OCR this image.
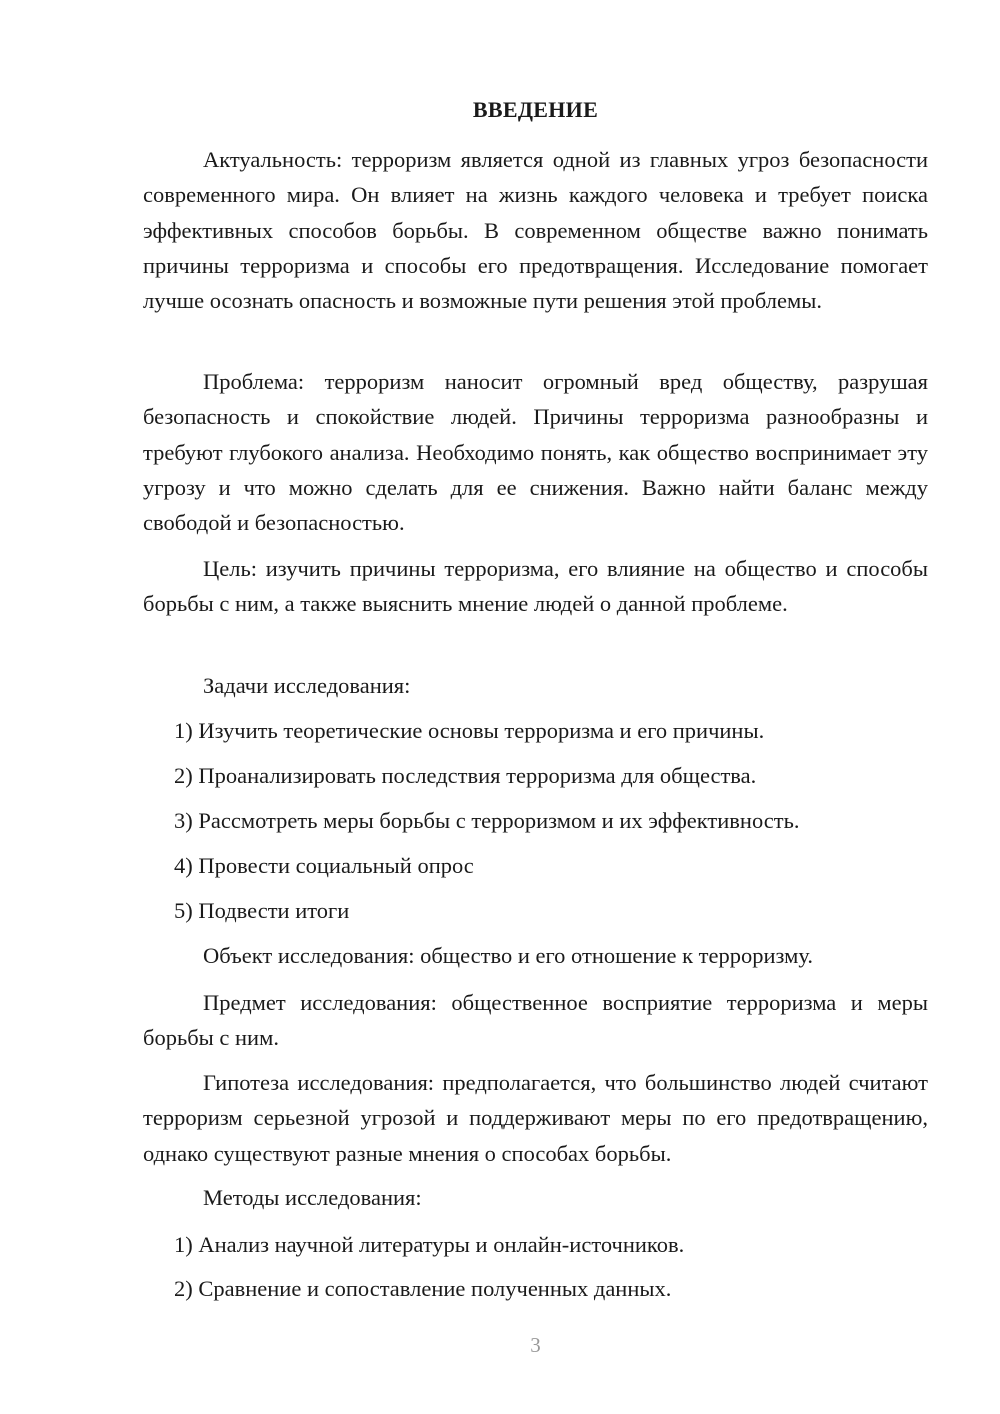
ВВЕДЕНИЕ

Актуальность: терроризм является одной из главных угроз безопасности современного мира. Он влияет на жизнь каждого человека и требует поиска эффективных способов борьбы. В современном обществе важно понимать причины терроризма и способы его предотвращения. Исследование помогает лучше осознать опасность и возможные пути решения этой проблемы.

Проблема: терроризм наносит огромный вред обществу, разрушая безопасность и спокойствие людей. Причины терроризма разнообразны и требуют глубокого анализа. Необходимо понять, как общество воспринимает эту угрозу и что можно сделать для ее снижения. Важно найти баланс между свободой и безопасностью.

Цель: изучить причины терроризма, его влияние на общество и способы борьбы с ним, а также выяснить мнение людей о данной проблеме.

Задачи исследования:

1) Изучить теоретические основы терроризма и его причины.

2) Проанализировать последствия терроризма для общества.

3) Рассмотреть меры борьбы с терроризмом и их эффективность.

4) Провести социальный опрос

5) Подвести итоги

Объект исследования: общество и его отношение к терроризму.

Предмет исследования: общественное восприятие терроризма и меры борьбы с ним.

Гипотеза исследования: предполагается, что большинство людей считают терроризм серьезной угрозой и поддерживают меры по его предотвращению, однако существуют разные мнения о способах борьбы.

Методы исследования:

1) Анализ научной литературы и онлайн-источников.

2) Сравнение и сопоставление полученных данных.

3
